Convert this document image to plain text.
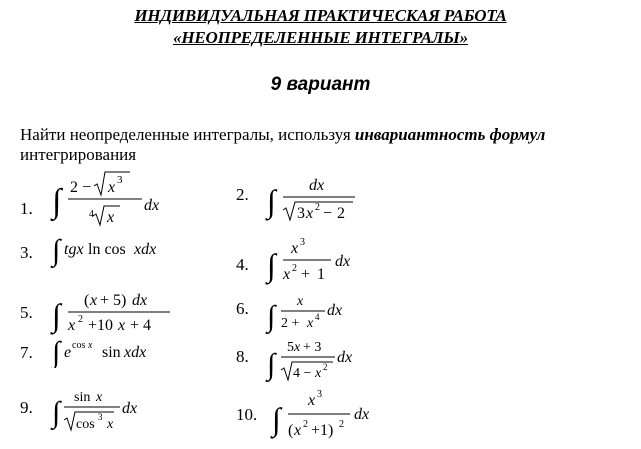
ИНДИВИДУАЛЬНАЯ ПРАКТИЧЕСКАЯ РАБОТА
«НЕОПРЕДЕЛЕННЫЕ ИНТЕГРАЛЫ»
9 вариант
Найти неопределенные интегралы, используя инвариантность формул
интегрирования
1.
2.
3.
4.
5.	6.
7.	8.
9.	10.
∫ 2 − x 3
4 x
dx	∫ dx
3 x 2 − 2
∫ tgx ln cos xdx	∫ x 3
x 2 + 1
dx
∫ ( x + 5) dx
x 2 +10 x + 4	∫ x
2 + x 4 dx
∫ e cos x sin xdx	∫
5 x + 3
4 − x 2
dx
∫ sin x
cos 3 x
dx	∫
x 3
( x 2 +1) 2
dx
